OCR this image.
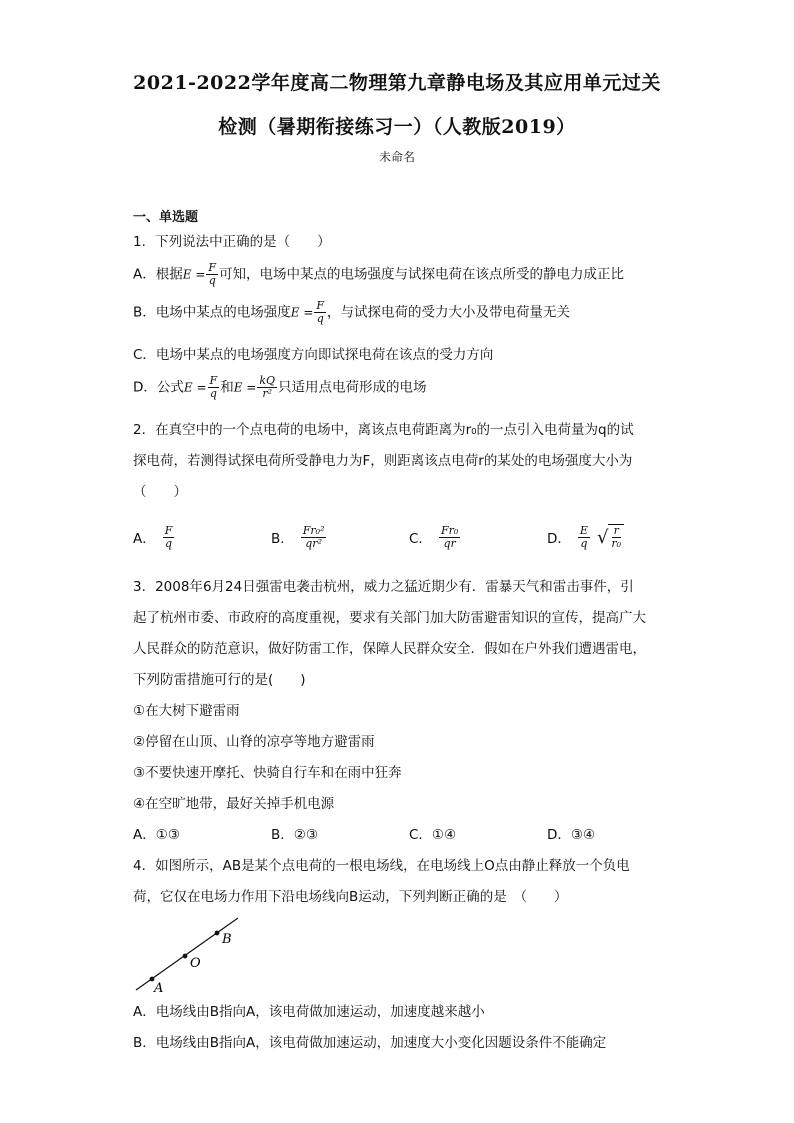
2021-2022学年度高二物理第九章静电场及其应用单元过关
检测（暑期衔接练习一）（人教版2019）
未命名
一、单选题
1．下列说法中正确的是（　　）
A．根据$E = \frac{F}{q}$ 可知，电场中某点的电场强度与试探电荷在该点所受的静电力成正比
B．电场中某点的电场强度$E = \frac{F}{q}$ ，与试探电荷的受力大小及带电荷量无关
C．电场中某点的电场强度方向即试探电荷在该点的受力方向
D．公式$E = \frac{F}{q}$ 和$E = \frac{kQ}{\text{r²}}$ 只适用点电荷形成的电场
2．在真空中的一个点电荷的电场中，离该点电荷距离为r₀的一点引入电荷量为q的试
探电荷，若测得试探电荷所受静电力为F，则距离该点电荷r的某处的电场强度大小为
（　　）
A． $\frac{F}{q}$	B． $\frac{\text{Fr₀²}}{\text{qr²}}$	C． $\frac{\text{Fr₀}}{qr}$	D． $\frac{E}{q}$ √ $\frac{r}{\text{r₀}}$
3．2008年6月24日强雷电袭击杭州，威力之猛近期少有．雷暴天气和雷击事件，引
起了杭州市委、市政府的高度重视，要求有关部门加大防雷避雷知识的宣传，提高广大
人民群众的防范意识，做好防雷工作，保障人民群众安全．假如在户外我们遭遇雷电，
下列防雷措施可行的是(　　)
①在大树下避雷雨
②停留在山顶、山脊的凉亭等地方避雷雨
③不要快速开摩托、快骑自行车和在雨中狂奔
④在空旷地带，最好关掉手机电源
A．①③	B．②③	C．①④	D．③④
4．如图所示，AB是某个点电荷的一根电场线，在电场线上O点由静止释放一个负电
荷，它仅在电场力作用下沿电场线向B运动，下列判断正确的是　（　　）
A
O
B
A．电场线由B指向A，该电荷做加速运动，加速度越来越小
B．电场线由B指向A，该电荷做加速运动，加速度大小变化因题设条件不能确定
